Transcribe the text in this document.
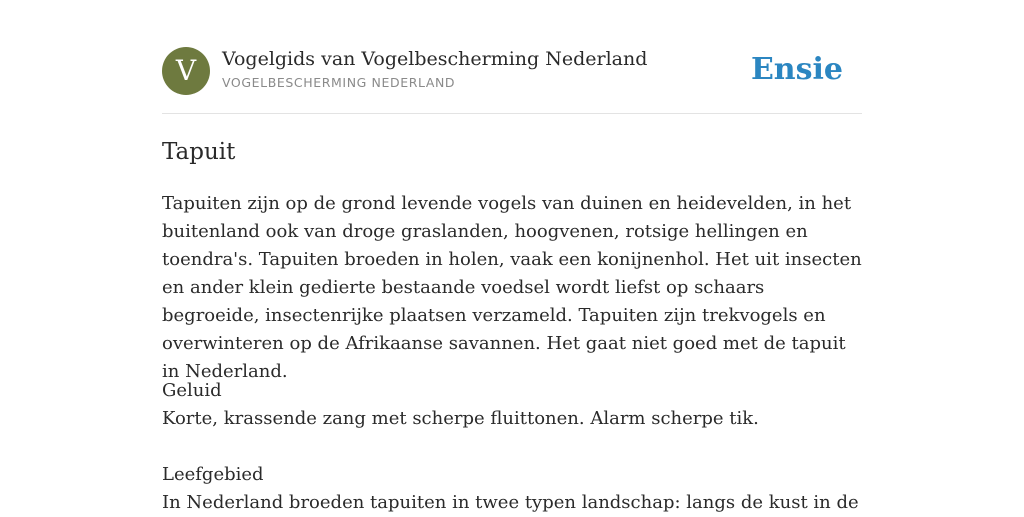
V	Vogelgids van Vogelbescherming Nederland
VOGELBESCHERMING NEDERLAND	Ensie
Tapuit

Tapuiten zijn op de grond levende vogels van duinen en heidevelden, in het buitenland ook van droge graslanden, hoogvenen, rotsige hellingen en toendra's. Tapuiten broeden in holen, vaak een konijnenhol. Het uit insecten en ander klein gedierte bestaande voedsel wordt liefst op schaars begroeide, insectenrijke plaatsen verzameld. Tapuiten zijn trekvogels en overwinteren op de Afrikaanse savannen. Het gaat niet goed met de tapuit in Nederland.

Geluid
Korte, krassende zang met scherpe fluittonen. Alarm scherpe tik.
Leefgebied
In Nederland broeden tapuiten in twee typen landschap: langs de kust in de
